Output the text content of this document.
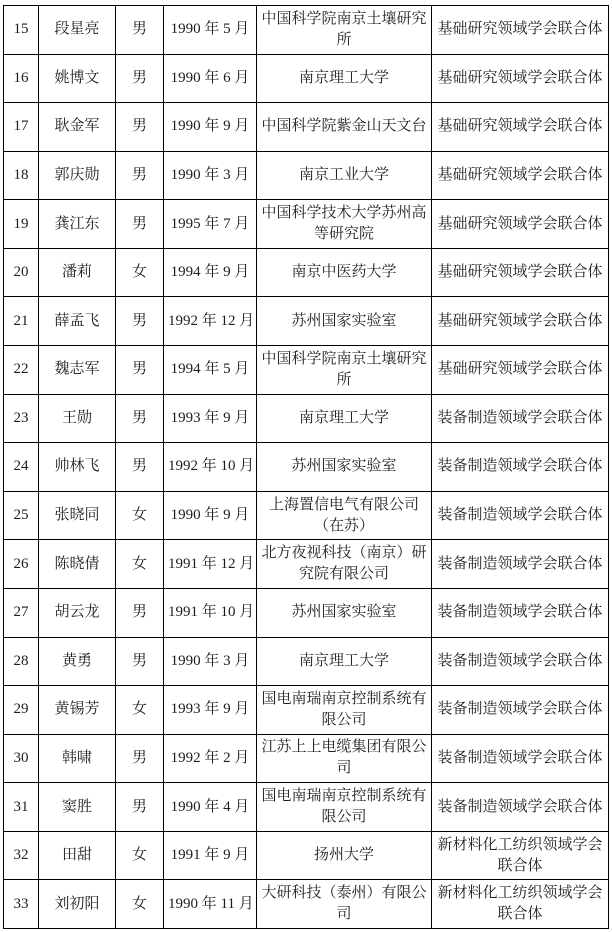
15	段星亮	男	1990 年 5 月	中国科学院南京土壤研究所	基础研究领域学会联合体
16	姚博文	男	1990 年 6 月	南京理工大学	基础研究领域学会联合体
17	耿金军	男	1990 年 9 月	中国科学院紫金山天文台	基础研究领域学会联合体
18	郭庆勋	男	1990 年 3 月	南京工业大学	基础研究领域学会联合体
19	龚江东	男	1995 年 7 月	中国科学技术大学苏州高等研究院	基础研究领域学会联合体
20	潘莉	女	1994 年 9 月	南京中医药大学	基础研究领域学会联合体
21	薛孟飞	男	1992 年 12 月	苏州国家实验室	基础研究领域学会联合体
22	魏志军	男	1994 年 5 月	中国科学院南京土壤研究所	基础研究领域学会联合体
23	王勋	男	1993 年 9 月	南京理工大学	装备制造领域学会联合体
24	帅林飞	男	1992 年 10 月	苏州国家实验室	装备制造领域学会联合体
25	张晓同	女	1990 年 9 月	上海置信电气有限公司（在苏）	装备制造领域学会联合体
26	陈晓倩	女	1991 年 12 月	北方夜视科技（南京）研究院有限公司	装备制造领域学会联合体
27	胡云龙	男	1991 年 10 月	苏州国家实验室	装备制造领域学会联合体
28	黄勇	男	1990 年 3 月	南京理工大学	装备制造领域学会联合体
29	黄锡芳	女	1993 年 9 月	国电南瑞南京控制系统有限公司	装备制造领域学会联合体
30	韩啸	男	1992 年 2 月	江苏上上电缆集团有限公司	装备制造领域学会联合体
31	窦胜	男	1990 年 4 月	国电南瑞南京控制系统有限公司	装备制造领域学会联合体
32	田甜	女	1991 年 9 月	扬州大学	新材料化工纺织领域学会联合体
33	刘初阳	女	1990 年 11 月	大研科技（泰州）有限公司	新材料化工纺织领域学会联合体
